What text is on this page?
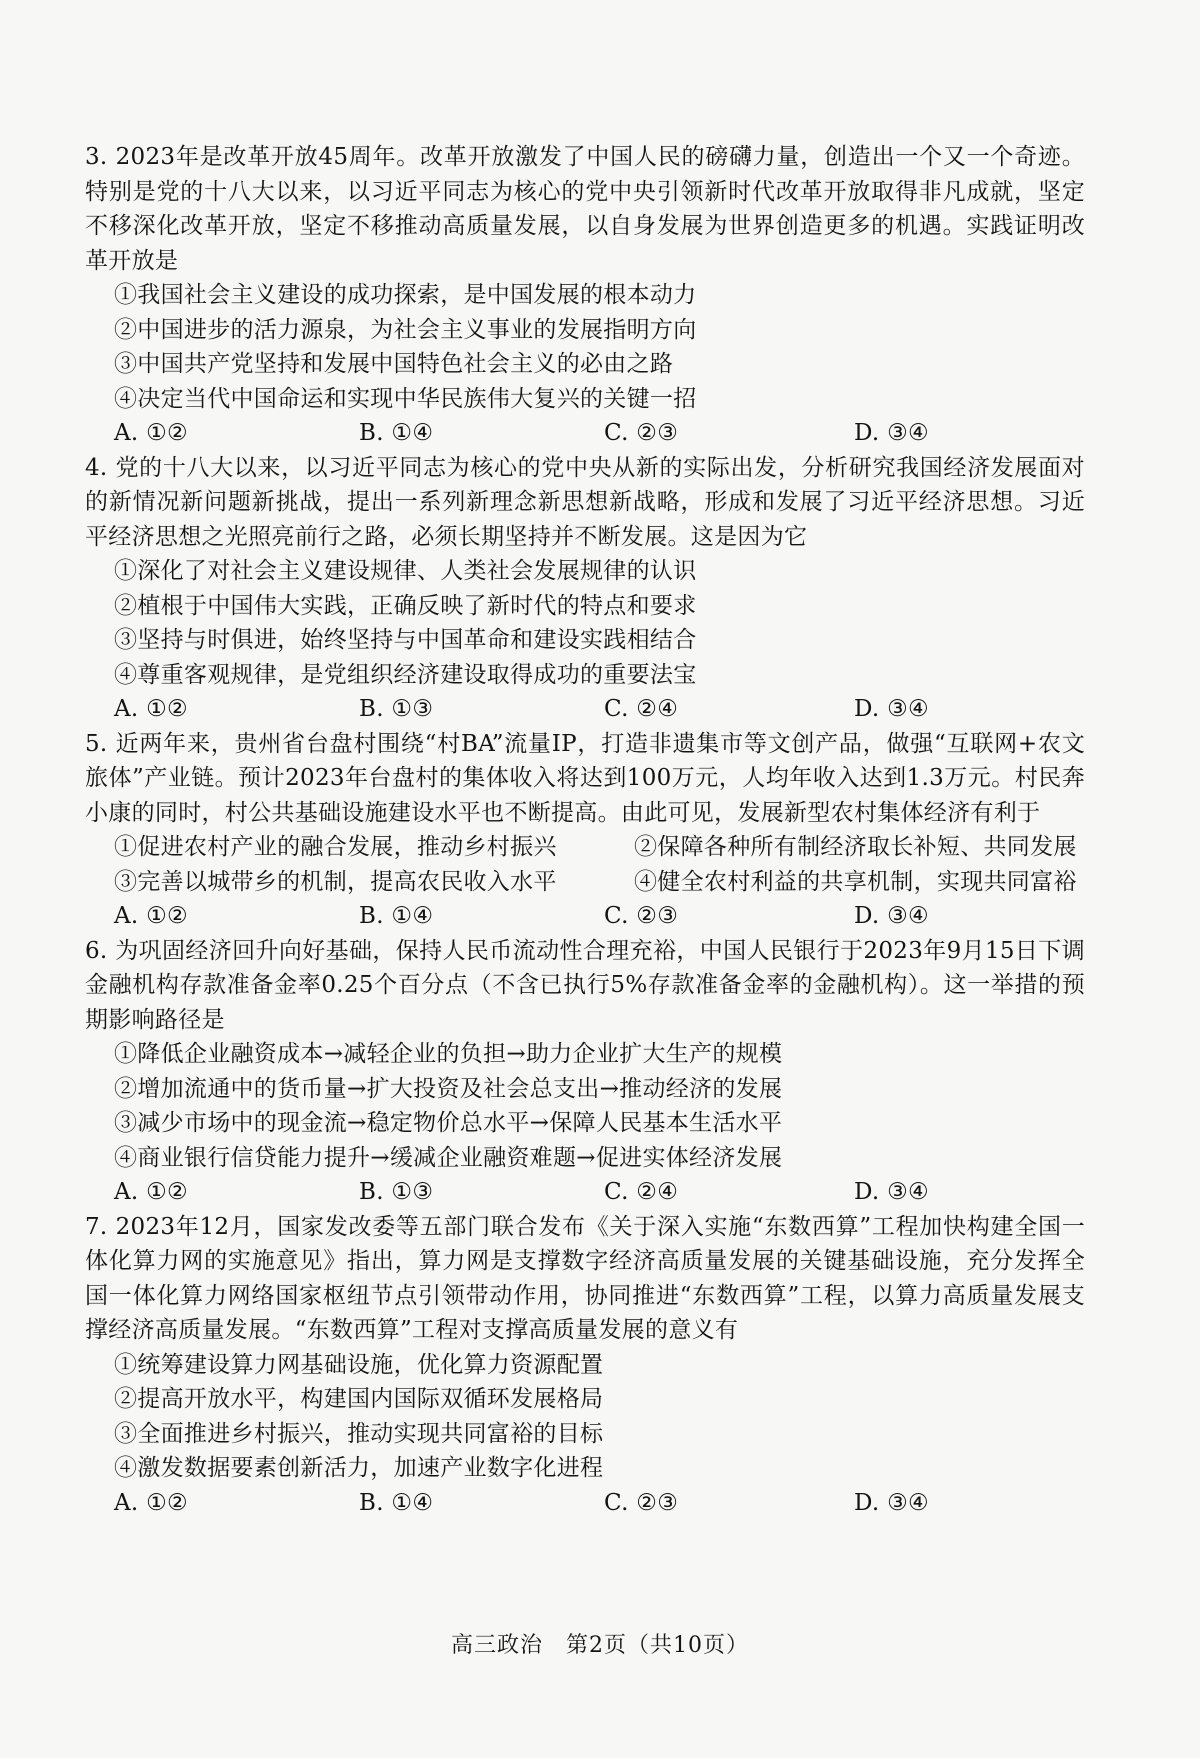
3. 2023年是改革开放45周年。改革开放激发了中国人民的磅礴力量，创造出一个又一个奇迹。特别是党的十八大以来，以习近平同志为核心的党中央引领新时代改革开放取得非凡成就，坚定不移深化改革开放，坚定不移推动高质量发展，以自身发展为世界创造更多的机遇。实践证明改革开放是

①我国社会主义建设的成功探索，是中国发展的根本动力

②中国进步的活力源泉，为社会主义事业的发展指明方向

③中国共产党坚持和发展中国特色社会主义的必由之路

④决定当代中国命运和实现中华民族伟大复兴的关键一招

A. ①②	B. ①④	C. ②③	D. ③④

4. 党的十八大以来，以习近平同志为核心的党中央从新的实际出发，分析研究我国经济发展面对的新情况新问题新挑战，提出一系列新理念新思想新战略，形成和发展了习近平经济思想。习近平经济思想之光照亮前行之路，必须长期坚持并不断发展。这是因为它

①深化了对社会主义建设规律、人类社会发展规律的认识

②植根于中国伟大实践，正确反映了新时代的特点和要求

③坚持与时俱进，始终坚持与中国革命和建设实践相结合

④尊重客观规律，是党组织经济建设取得成功的重要法宝

A. ①②	B. ①③	C. ②④	D. ③④

5. 近两年来，贵州省台盘村围绕“村BA”流量IP，打造非遗集市等文创产品，做强“互联网+农文旅体”产业链。预计2023年台盘村的集体收入将达到100万元，人均年收入达到1.3万元。村民奔小康的同时，村公共基础设施建设水平也不断提高。由此可见，发展新型农村集体经济有利于

①促进农村产业的融合发展，推动乡村振兴	②保障各种所有制经济取长补短、共同发展

③完善以城带乡的机制，提高农民收入水平	④健全农村利益的共享机制，实现共同富裕

A. ①②	B. ①④	C. ②③	D. ③④

6. 为巩固经济回升向好基础，保持人民币流动性合理充裕，中国人民银行于2023年9月15日下调金融机构存款准备金率0.25个百分点（不含已执行5%存款准备金率的金融机构）。这一举措的预期影响路径是

①降低企业融资成本→减轻企业的负担→助力企业扩大生产的规模

②增加流通中的货币量→扩大投资及社会总支出→推动经济的发展

③减少市场中的现金流→稳定物价总水平→保障人民基本生活水平

④商业银行信贷能力提升→缓减企业融资难题→促进实体经济发展

A. ①②	B. ①③	C. ②④	D. ③④

7. 2023年12月，国家发改委等五部门联合发布《关于深入实施“东数西算”工程加快构建全国一体化算力网的实施意见》指出，算力网是支撑数字经济高质量发展的关键基础设施，充分发挥全国一体化算力网络国家枢纽节点引领带动作用，协同推进“东数西算”工程，以算力高质量发展支撑经济高质量发展。“东数西算”工程对支撑高质量发展的意义有

①统筹建设算力网基础设施，优化算力资源配置

②提高开放水平，构建国内国际双循环发展格局

③全面推进乡村振兴，推动实现共同富裕的目标

④激发数据要素创新活力，加速产业数字化进程

A. ①②	B. ①④	C. ②③	D. ③④
高三政治　第2页（共10页）
